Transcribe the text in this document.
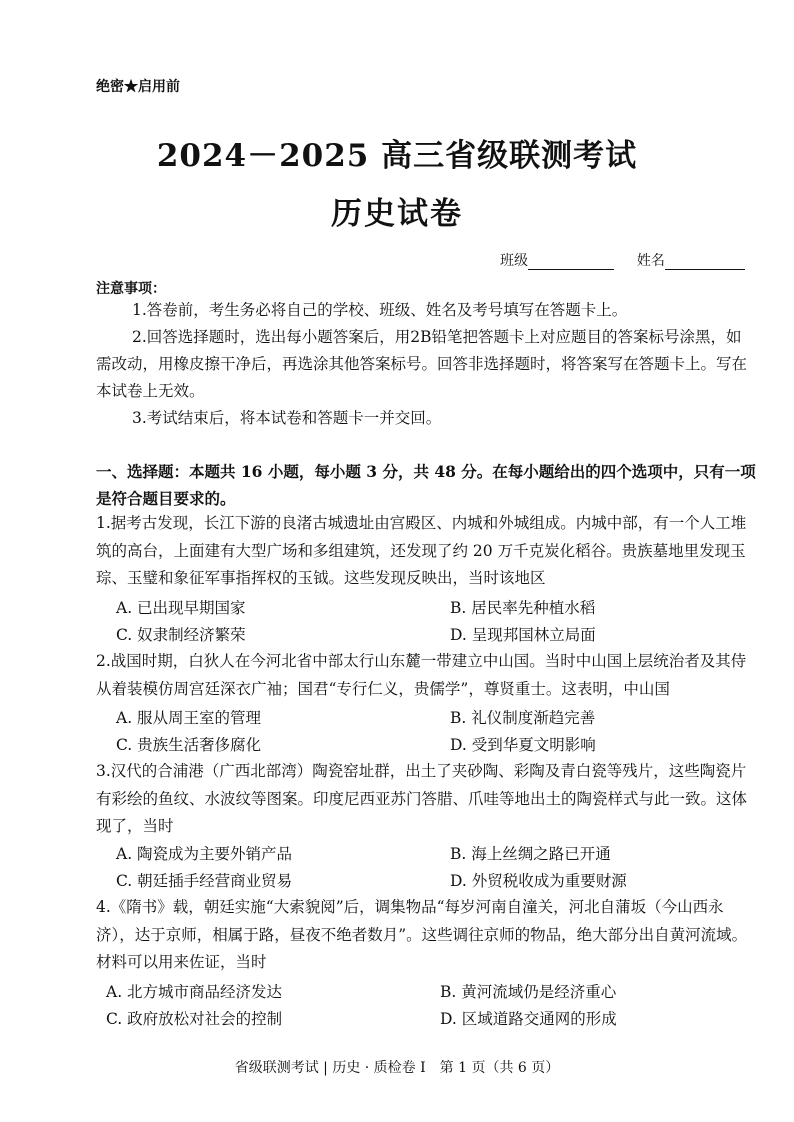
绝密★启用前
2024－2025 高三省级联测考试
历史试卷
班级	姓名
注意事项：
1.答卷前，考生务必将自己的学校、班级、姓名及考号填写在答题卡上。
2.回答选择题时，选出每小题答案后，用2B铅笔把答题卡上对应题目的答案标号涂黑，如需改动，用橡皮擦干净后，再选涂其他答案标号。回答非选择题时，将答案写在答题卡上。写在本试卷上无效。
3.考试结束后，将本试卷和答题卡一并交回。
一、选择题：本题共 16 小题，每小题 3 分，共 48 分。在每小题给出的四个选项中，只有一项是符合题目要求的。
1.据考古发现，长江下游的良渚古城遗址由宫殿区、内城和外城组成。内城中部，有一个人工堆筑的高台，上面建有大型广场和多组建筑，还发现了约 20 万千克炭化稻谷。贵族墓地里发现玉琮、玉璧和象征军事指挥权的玉钺。这些发现反映出，当时该地区
A. 已出现早期国家	B. 居民率先种植水稻
C. 奴隶制经济繁荣	D. 呈现邦国林立局面
2.战国时期，白狄人在今河北省中部太行山东麓一带建立中山国。当时中山国上层统治者及其侍从着装模仿周宫廷深衣广袖；国君“专行仁义，贵儒学”，尊贤重士。这表明，中山国
A. 服从周王室的管理	B. 礼仪制度渐趋完善
C. 贵族生活奢侈腐化	D. 受到华夏文明影响
3.汉代的合浦港（广西北部湾）陶瓷窑址群，出土了夹砂陶、彩陶及青白瓷等残片，这些陶瓷片有彩绘的鱼纹、水波纹等图案。印度尼西亚苏门答腊、爪哇等地出土的陶瓷样式与此一致。这体现了，当时
A. 陶瓷成为主要外销产品	B. 海上丝绸之路已开通
C. 朝廷插手经营商业贸易	D. 外贸税收成为重要财源
4.《隋书》载，朝廷实施“大索貌阅”后，调集物品“每岁河南自潼关，河北自蒲坂（今山西永济），达于京师，相属于路，昼夜不绝者数月”。这些调往京师的物品，绝大部分出自黄河流域。材料可以用来佐证，当时
A. 北方城市商品经济发达	B. 黄河流域仍是经济重心
C. 政府放松对社会的控制	D. 区域道路交通网的形成
省级联测考试 | 历史 · 质检卷 Ⅰ　第 1 页（共 6 页）
